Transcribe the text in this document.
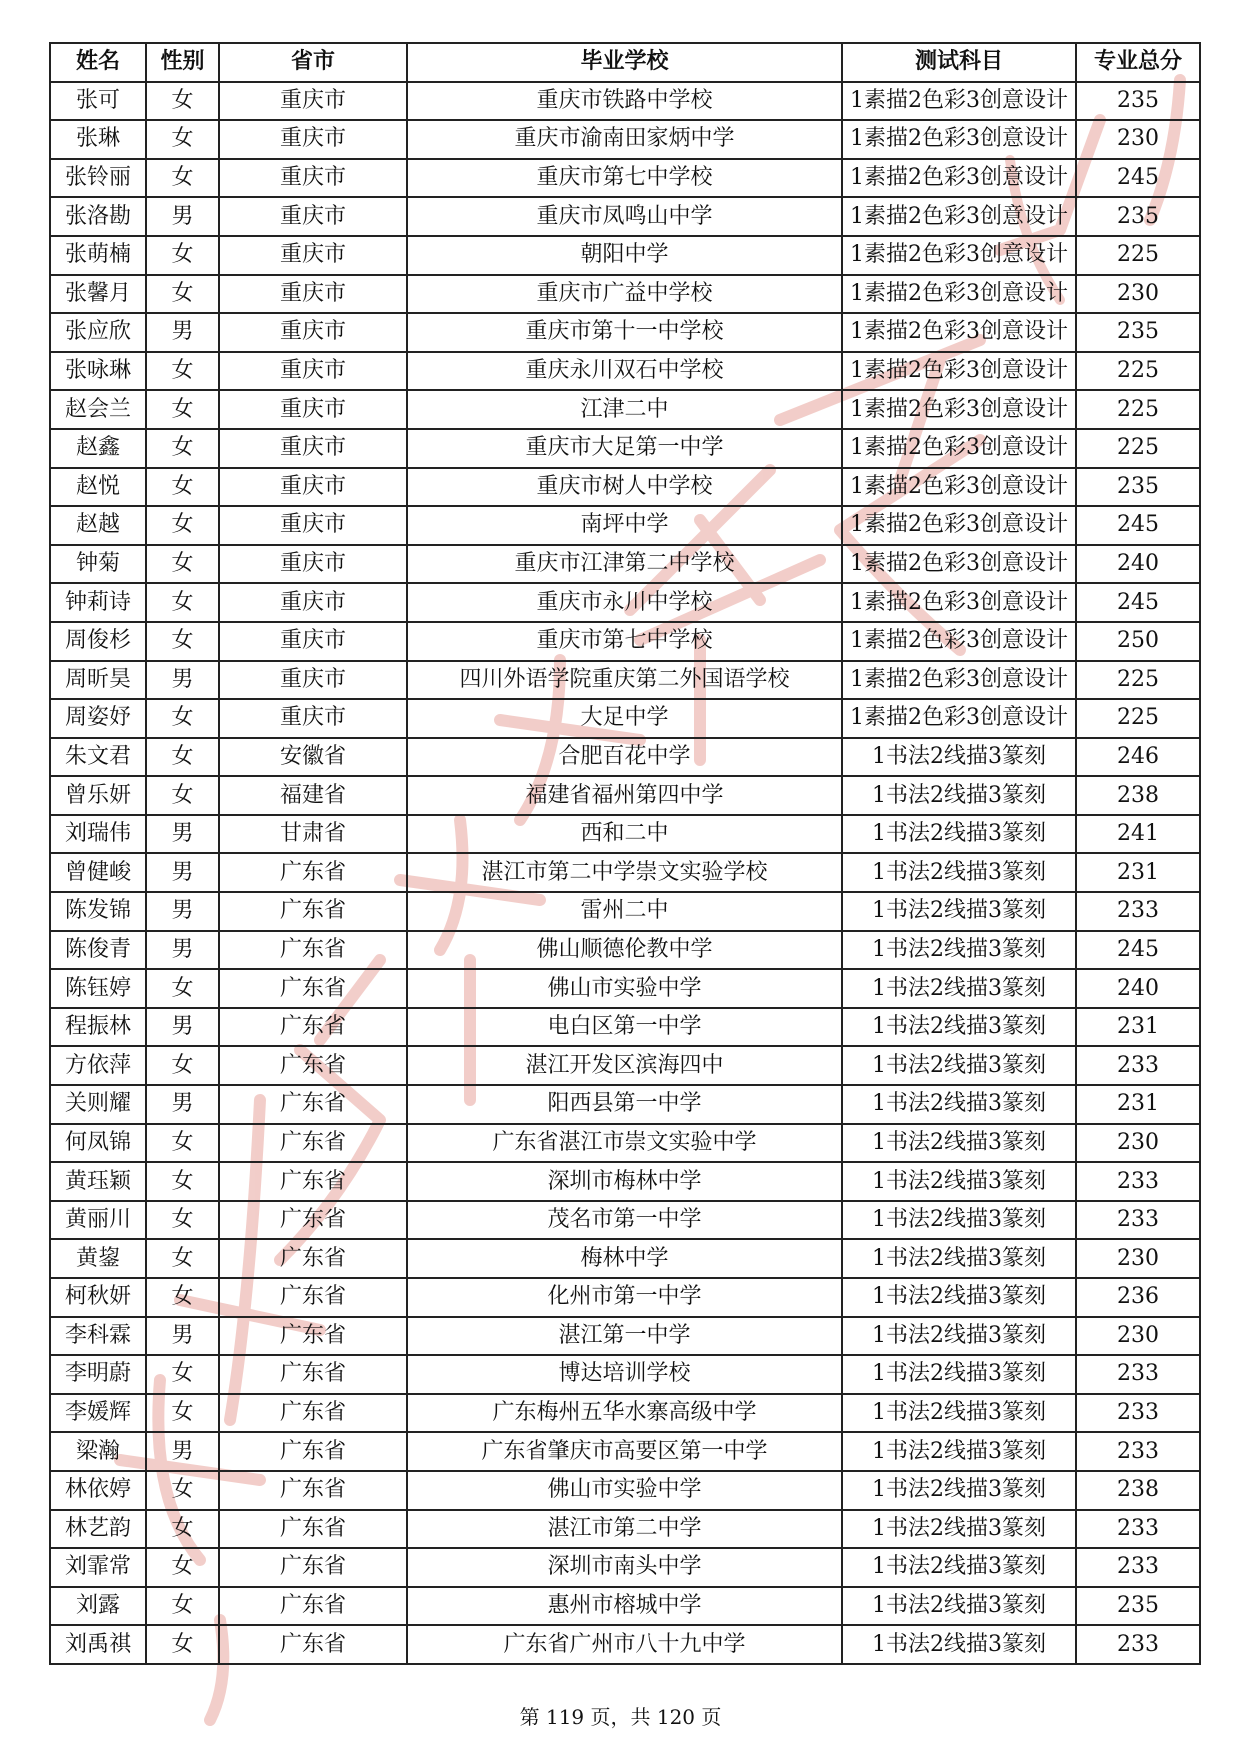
姓名	性别	省市	毕业学校	测试科目	专业总分
张可	女	重庆市	重庆市铁路中学校	1素描2色彩3创意设计	235
张琳	女	重庆市	重庆市渝南田家炳中学	1素描2色彩3创意设计	230
张铃丽	女	重庆市	重庆市第七中学校	1素描2色彩3创意设计	245
张洛勘	男	重庆市	重庆市凤鸣山中学	1素描2色彩3创意设计	235
张萌楠	女	重庆市	朝阳中学	1素描2色彩3创意设计	225
张馨月	女	重庆市	重庆市广益中学校	1素描2色彩3创意设计	230
张应欣	男	重庆市	重庆市第十一中学校	1素描2色彩3创意设计	235
张咏琳	女	重庆市	重庆永川双石中学校	1素描2色彩3创意设计	225
赵会兰	女	重庆市	江津二中	1素描2色彩3创意设计	225
赵鑫	女	重庆市	重庆市大足第一中学	1素描2色彩3创意设计	225
赵悦	女	重庆市	重庆市树人中学校	1素描2色彩3创意设计	235
赵越	女	重庆市	南坪中学	1素描2色彩3创意设计	245
钟菊	女	重庆市	重庆市江津第二中学校	1素描2色彩3创意设计	240
钟莉诗	女	重庆市	重庆市永川中学校	1素描2色彩3创意设计	245
周俊杉	女	重庆市	重庆市第七中学校	1素描2色彩3创意设计	250
周昕昊	男	重庆市	四川外语学院重庆第二外国语学校	1素描2色彩3创意设计	225
周姿妤	女	重庆市	大足中学	1素描2色彩3创意设计	225
朱文君	女	安徽省	合肥百花中学	1书法2线描3篆刻	246
曾乐妍	女	福建省	福建省福州第四中学	1书法2线描3篆刻	238
刘瑞伟	男	甘肃省	西和二中	1书法2线描3篆刻	241
曾健峻	男	广东省	湛江市第二中学崇文实验学校	1书法2线描3篆刻	231
陈发锦	男	广东省	雷州二中	1书法2线描3篆刻	233
陈俊青	男	广东省	佛山顺德伦教中学	1书法2线描3篆刻	245
陈钰婷	女	广东省	佛山市实验中学	1书法2线描3篆刻	240
程振林	男	广东省	电白区第一中学	1书法2线描3篆刻	231
方依萍	女	广东省	湛江开发区滨海四中	1书法2线描3篆刻	233
关则耀	男	广东省	阳西县第一中学	1书法2线描3篆刻	231
何凤锦	女	广东省	广东省湛江市崇文实验中学	1书法2线描3篆刻	230
黄珏颖	女	广东省	深圳市梅林中学	1书法2线描3篆刻	233
黄丽川	女	广东省	茂名市第一中学	1书法2线描3篆刻	233
黄鋆	女	广东省	梅林中学	1书法2线描3篆刻	230
柯秋妍	女	广东省	化州市第一中学	1书法2线描3篆刻	236
李科霖	男	广东省	湛江第一中学	1书法2线描3篆刻	230
李明蔚	女	广东省	博达培训学校	1书法2线描3篆刻	233
李媛辉	女	广东省	广东梅州五华水寨高级中学	1书法2线描3篆刻	233
梁瀚	男	广东省	广东省肇庆市高要区第一中学	1书法2线描3篆刻	233
林依婷	女	广东省	佛山市实验中学	1书法2线描3篆刻	238
林艺韵	女	广东省	湛江市第二中学	1书法2线描3篆刻	233
刘霏常	女	广东省	深圳市南头中学	1书法2线描3篆刻	233
刘露	女	广东省	惠州市榕城中学	1书法2线描3篆刻	235
刘禹祺	女	广东省	广东省广州市八十九中学	1书法2线描3篆刻	233
第 119 页，共 120 页
